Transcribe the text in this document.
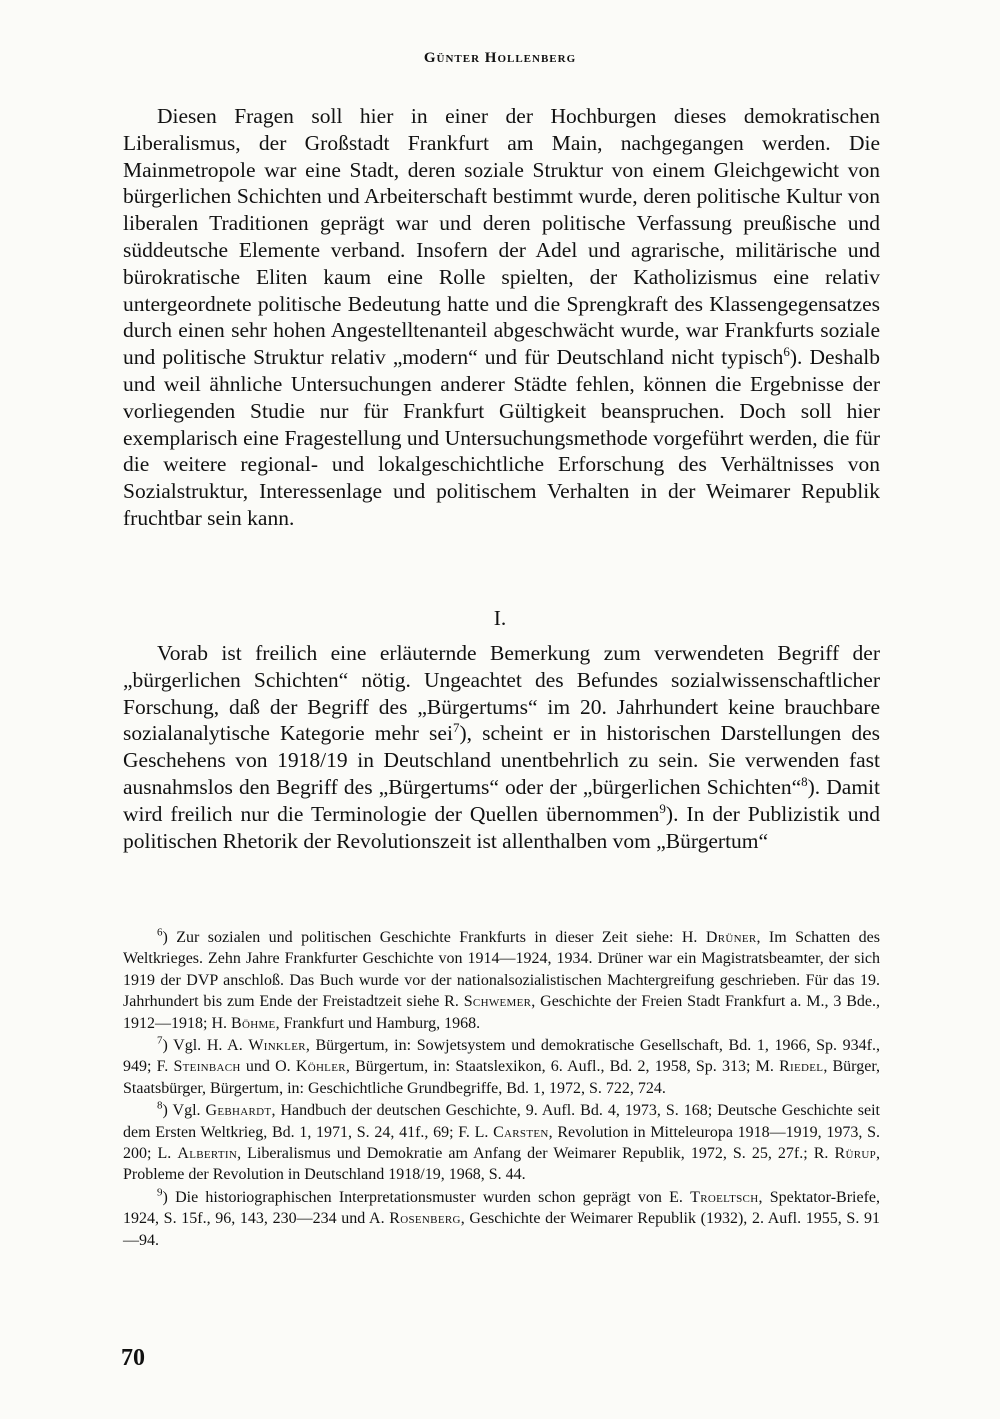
Günter Hollenberg

Diesen Fragen soll hier in einer der Hochburgen dieses demokratischen Liberalismus, der Großstadt Frankfurt am Main, nachgegangen werden. Die Mainmetropole war eine Stadt, deren soziale Struktur von einem Gleichgewicht von bürgerlichen Schichten und Arbeiterschaft bestimmt wurde, deren politische Kultur von liberalen Traditionen geprägt war und deren politische Verfassung preußische und süddeutsche Elemente verband. Insofern der Adel und agrarische, militärische und bürokratische Eliten kaum eine Rolle spielten, der Katholizismus eine relativ untergeordnete politische Bedeutung hatte und die Sprengkraft des Klassengegensatzes durch einen sehr hohen Angestelltenanteil abgeschwächt wurde, war Frankfurts soziale und politische Struktur relativ „modern“ und für Deutschland nicht typisch$^6$). Deshalb und weil ähnliche Untersuchungen anderer Städte fehlen, können die Ergebnisse der vorliegenden Studie nur für Frankfurt Gültigkeit beanspruchen. Doch soll hier exemplarisch eine Fragestellung und Untersuchungsmethode vorgeführt werden, die für die weitere regional- und lokalgeschichtliche Erforschung des Verhältnisses von Sozialstruktur, Interessenlage und politischem Verhalten in der Weimarer Republik fruchtbar sein kann.

I.

Vorab ist freilich eine erläuternde Bemerkung zum verwendeten Begriff der „bürgerlichen Schichten“ nötig. Ungeachtet des Befundes sozialwissenschaftlicher Forschung, daß der Begriff des „Bürgertums“ im 20. Jahrhundert keine brauchbare sozialanalytische Kategorie mehr sei$^7$), scheint er in historischen Darstellungen des Geschehens von 1918/19 in Deutschland unentbehrlich zu sein. Sie verwenden fast ausnahmslos den Begriff des „Bürgertums“ oder der „bürgerlichen Schichten“$^8$). Damit wird freilich nur die Terminologie der Quellen übernommen$^9$). In der Publizistik und politischen Rhetorik der Revolutionszeit ist allenthalben vom „Bürgertum“

$^6$) Zur sozialen und politischen Geschichte Frankfurts in dieser Zeit siehe: H. Drüner, Im Schatten des Weltkrieges. Zehn Jahre Frankfurter Geschichte von 1914—1924, 1934. Drüner war ein Magistratsbeamter, der sich 1919 der DVP anschloß. Das Buch wurde vor der nationalsozialistischen Machtergreifung geschrieben. Für das 19. Jahrhundert bis zum Ende der Freistadtzeit siehe R. Schwemer, Geschichte der Freien Stadt Frankfurt a. M., 3 Bde., 1912—1918; H. Böhme, Frankfurt und Hamburg, 1968.

$^7$) Vgl. H. A. Winkler, Bürgertum, in: Sowjetsystem und demokratische Gesellschaft, Bd. 1, 1966, Sp. 934f., 949; F. Steinbach und O. Köhler, Bürgertum, in: Staatslexikon, 6. Aufl., Bd. 2, 1958, Sp. 313; M. Riedel, Bürger, Staatsbürger, Bürgertum, in: Geschichtliche Grundbegriffe, Bd. 1, 1972, S. 722, 724.

$^8$) Vgl. Gebhardt, Handbuch der deutschen Geschichte, 9. Aufl. Bd. 4, 1973, S. 168; Deutsche Geschichte seit dem Ersten Weltkrieg, Bd. 1, 1971, S. 24, 41f., 69; F. L. Carsten, Revolution in Mitteleuropa 1918—1919, 1973, S. 200; L. Albertin, Liberalismus und Demokratie am Anfang der Weimarer Republik, 1972, S. 25, 27f.; R. Rürup, Probleme der Revolution in Deutschland 1918/19, 1968, S. 44.

$^9$) Die historiographischen Interpretationsmuster wurden schon geprägt von E. Troeltsch, Spektator-Briefe, 1924, S. 15f., 96, 143, 230—234 und A. Rosenberg, Geschichte der Weimarer Republik (1932), 2. Aufl. 1955, S. 91—94.

70
